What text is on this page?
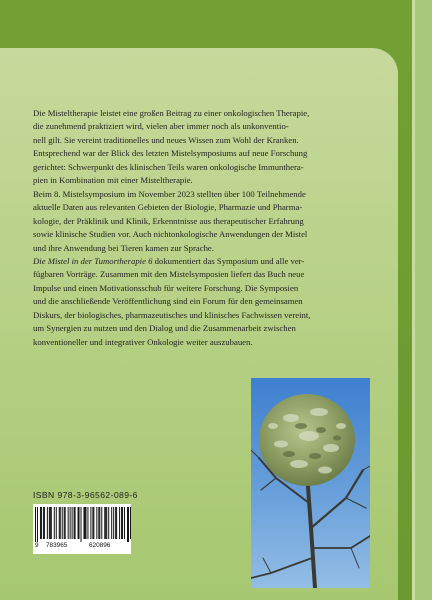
Die Misteltherapie leistet eine großen Beitrag zu einer onkologischen Therapie,

die zunehmend praktiziert wird, vielen aber immer noch als unkonventio-

nell gilt. Sie vereint traditionelles und neues Wissen zum Wohl der Kranken.

Entsprechend war der Blick des letzten Mistelsymposiums auf neue Forschung

gerichtet: Schwerpunkt des klinischen Teils waren onkologische Immunthera-

pien in Kombination mit einer Misteltherapie.

Beim 8. Mistelsymposium im November 2023 stellten über 100 Teilnehmende

aktuelle Daten aus relevanten Gebieten der Biologie, Pharmazie und Pharma-

kologie, der Präklinik und Klinik, Erkenntnisse aus therapeutischer Erfahrung

sowie klinische Studien vor. Auch nichtonkologische Anwendungen der Mistel

und ihre Anwendung bei Tieren kamen zur Sprache.

Die Mistel in der Tumortherapie 6 dokumentiert das Symposium und alle ver-

fügbaren Vorträge. Zusammen mit den Mistelsymposien liefert das Buch neue

Impulse und einen Motivationsschub für weitere Forschung. Die Symposien

und die anschließende Veröffentlichung sind ein Forum für den gemeinsamen

Diskurs, der biologisches, pharmazeutisches und klinisches Fachwissen vereint,

um Synergien zu nutzen und den Dialog und die Zusammenarbeit zwischen

konventioneller und integrativer Onkologie weiter auszubauen.

ISBN 978-3-96562-089-6
9 783965	620896
